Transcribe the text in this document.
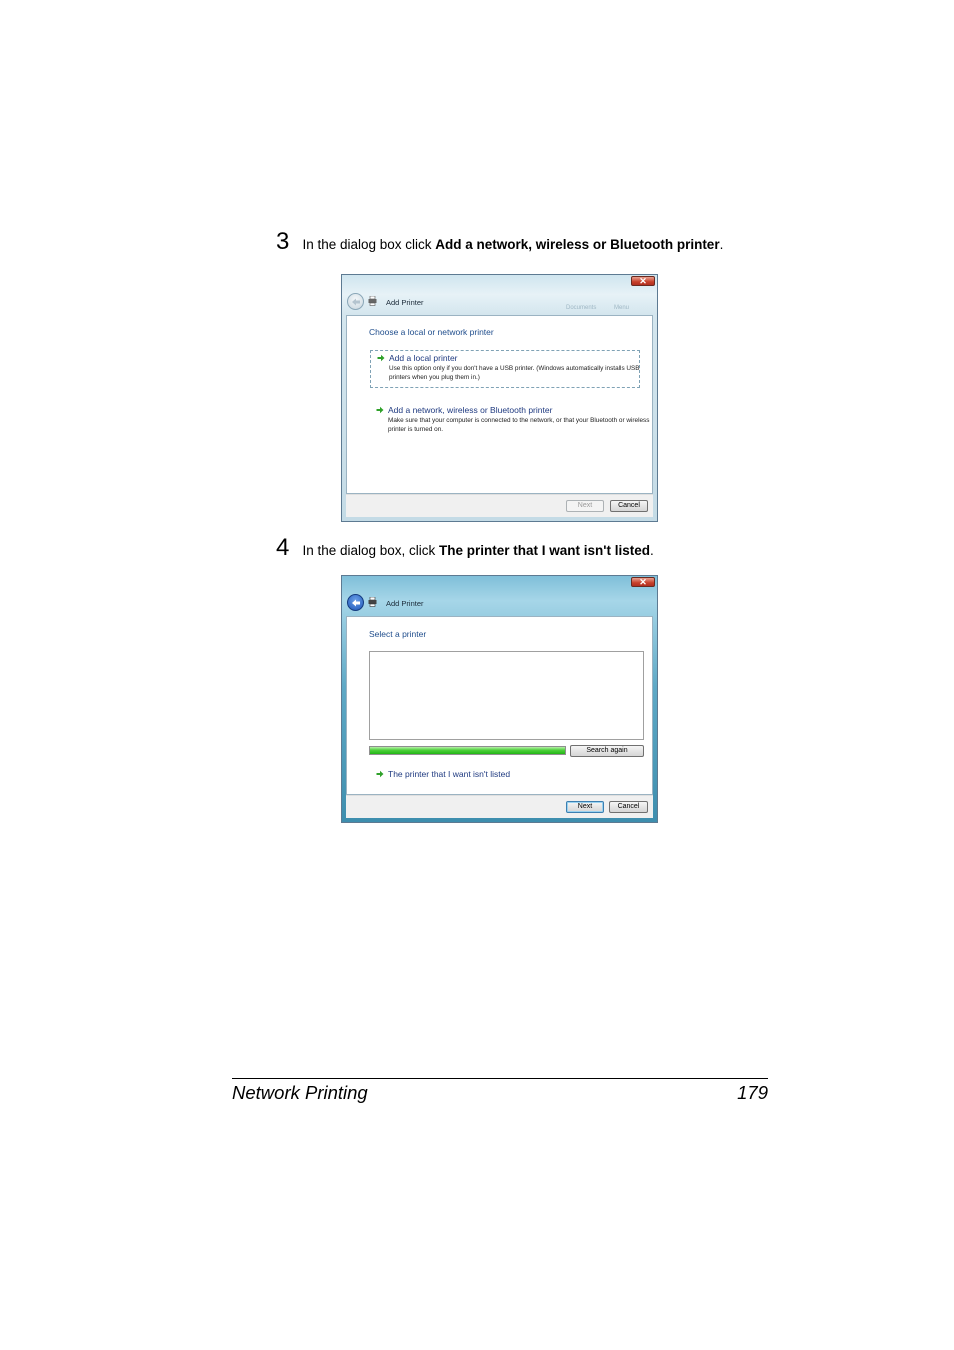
3 In the dialog box click Add a network, wireless or Bluetooth printer.
✕
Add Printer
Documents	Menu
Choose a local or network printer
Add a local printer
Use this option only if you don't have a USB printer. (Windows automatically installs USB printers when you plug them in.)
Add a network, wireless or Bluetooth printer
Make sure that your computer is connected to the network, or that your Bluetooth or wireless printer is turned on.
Next	Cancel
4 In the dialog box, click The printer that I want isn't listed.
✕
Add Printer
Select a printer
Search again
The printer that I want isn't listed
Next	Cancel
Network Printing	179
